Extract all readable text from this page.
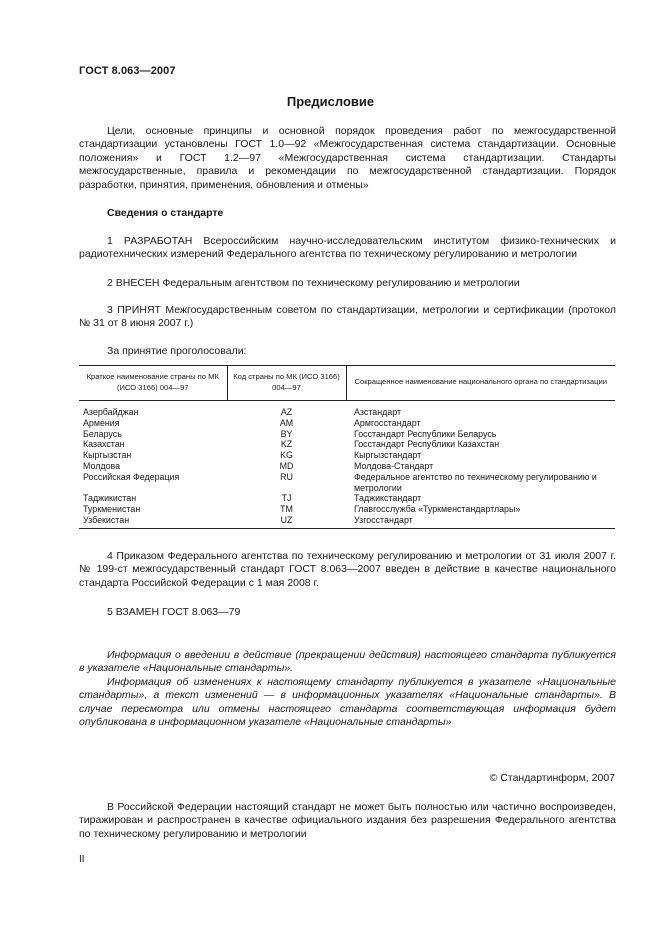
ГОСТ 8.063—2007
Предисловие

Цели, основные принципы и основной порядок проведения работ по межгосударственной стандартизации установлены ГОСТ 1.0—92 «Межгосударственная система стандартизации. Основные положения» и ГОСТ 1.2—97 «Межгосударственная система стандартизации. Стандарты межгосударственные, правила и рекомендации по межгосударственной стандартизации. Порядок разработки, принятия, применения, обновления и отмены»

Сведения о стандарте

1 РАЗРАБОТАН Всероссийским научно-исследовательским институтом физико-технических и радиотехнических измерений Федерального агентства по техническому регулированию и метрологии

2 ВНЕСЕН Федеральным агентством по техническому регулированию и метрологии

3 ПРИНЯТ Межгосударственным советом по стандартизации, метрологии и сертификации (протокол № 31 от 8 июня 2007 г.)

За принятие проголосовали:

Краткое наименование страны по МК (ИСО 3166) 004—97	Код страны по МК (ИСО 3166) 004—97	Сокращенное наименование национального органа по стандартизации
Азербайджан	AZ	Азстандарт
Армения	AM	Армгосстандарт
Беларусь	BY	Госстандарт Республики Беларусь
Казахстан	KZ	Госстандарт Республики Казахстан
Кыргызстан	KG	Кыргызстандарт
Молдова	MD	Молдова-Стандарт
Российская Федерация	RU	Федеральное агентство по техническому регулированию и метрологии
Таджикистан	TJ	Таджикстандарт
Туркменистан	TM	Главгосслужба «Туркменстандартлары»
Узбекистан	UZ	Узгосстандарт

4 Приказом Федерального агентства по техническому регулированию и метрологии от 31 июля 2007 г. № 199-ст межгосударственный стандарт ГОСТ 8.063—2007 введен в действие в качестве национального стандарта Российской Федерации с 1 мая 2008 г.

5 ВЗАМЕН ГОСТ 8.063—79

Информация о введении в действие (прекращении действия) настоящего стандарта публикуется в указателе «Национальные стандарты».

Информация об изменениях к настоящему стандарту публикуется в указателе «Национальные стандарты», а текст изменений — в информационных указателях «Национальные стандарты». В случае пересмотра или отмены настоящего стандарта соответствующая информация будет опубликована в информационном указателе «Национальные стандарты»

© Стандартинформ, 2007

В Российской Федерации настоящий стандарт не может быть полностью или частично воспроизведен, тиражирован и распространен в качестве официального издания без разрешения Федерального агентства по техническому регулированию и метрологии

II
